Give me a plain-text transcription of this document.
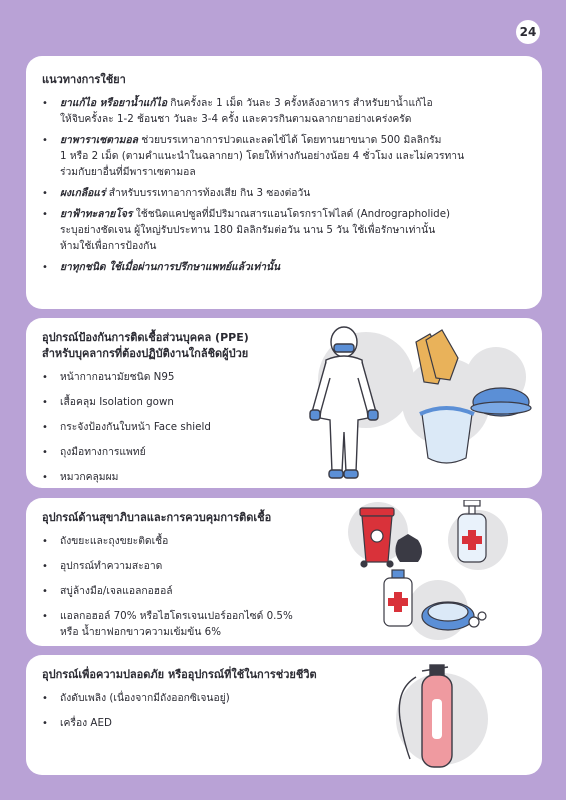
24
แนวทางการใช้ยา
• ยาแก้ไอ หรือยาน้ำแก้ไอ กินครั้งละ 1 เม็ด วันละ 3 ครั้งหลังอาหาร สำหรับยาน้ำแก้ไอ
ให้จิบครั้งละ 1-2 ช้อนชา วันละ 3-4 ครั้ง และควรกินตามฉลากยาอย่างเคร่งครัด
• ยาพาราเซตามอล ช่วยบรรเทาอาการปวดและลดไข้ได้ โดยทานยาขนาด 500 มิลลิกรัม
1 หรือ 2 เม็ด (ตามคำแนะนำในฉลากยา) โดยให้ห่างกันอย่างน้อย 4 ชั่วโมง และไม่ควรทาน
ร่วมกับยาอื่นที่มีพาราเซตามอล
• ผงเกลือแร่ สำหรับบรรเทาอาการท้องเสีย กิน 3 ซองต่อวัน
• ยาฟ้าทะลายโจร ใช้ชนิดแคปซูลที่มีปริมาณสารแอนโดรกราโฟไลด์ (Andrographolide)
ระบุอย่างชัดเจน ผู้ใหญ่รับประทาน 180 มิลลิกรัมต่อวัน นาน 5 วัน ใช้เพื่อรักษาเท่านั้น
ห้ามใช้เพื่อการป้องกัน
• ยาทุกชนิด ใช้เมื่อผ่านการปรึกษาแพทย์แล้วเท่านั้น
อุปกรณ์ป้องกันการติดเชื้อส่วนบุคคล (PPE)
สำหรับบุคลากรที่ต้องปฏิบัติงานใกล้ชิดผู้ป่วย
• หน้ากากอนามัยชนิด N95
• เสื้อคลุม Isolation gown
• กระจังป้องกันใบหน้า Face shield
• ถุงมือทางการแพทย์
• หมวกคลุมผม
อุปกรณ์ด้านสุขาภิบาลและการควบคุมการติดเชื้อ
• ถังขยะและถุงขยะติดเชื้อ
• อุปกรณ์ทำความสะอาด
• สบู่ล้างมือ/เจลแอลกอฮอล์
• แอลกอฮอล์ 70% หรือไฮโดรเจนเปอร์ออกไซด์ 0.5%
หรือ น้ำยาฟอกขาวความเข้มข้น 6%
อุปกรณ์เพื่อความปลอดภัย หรืออุปกรณ์ที่ใช้ในการช่วยชีวิต
• ถังดับเพลิง (เนื่องจากมีถังออกซิเจนอยู่)
• เครื่อง AED
